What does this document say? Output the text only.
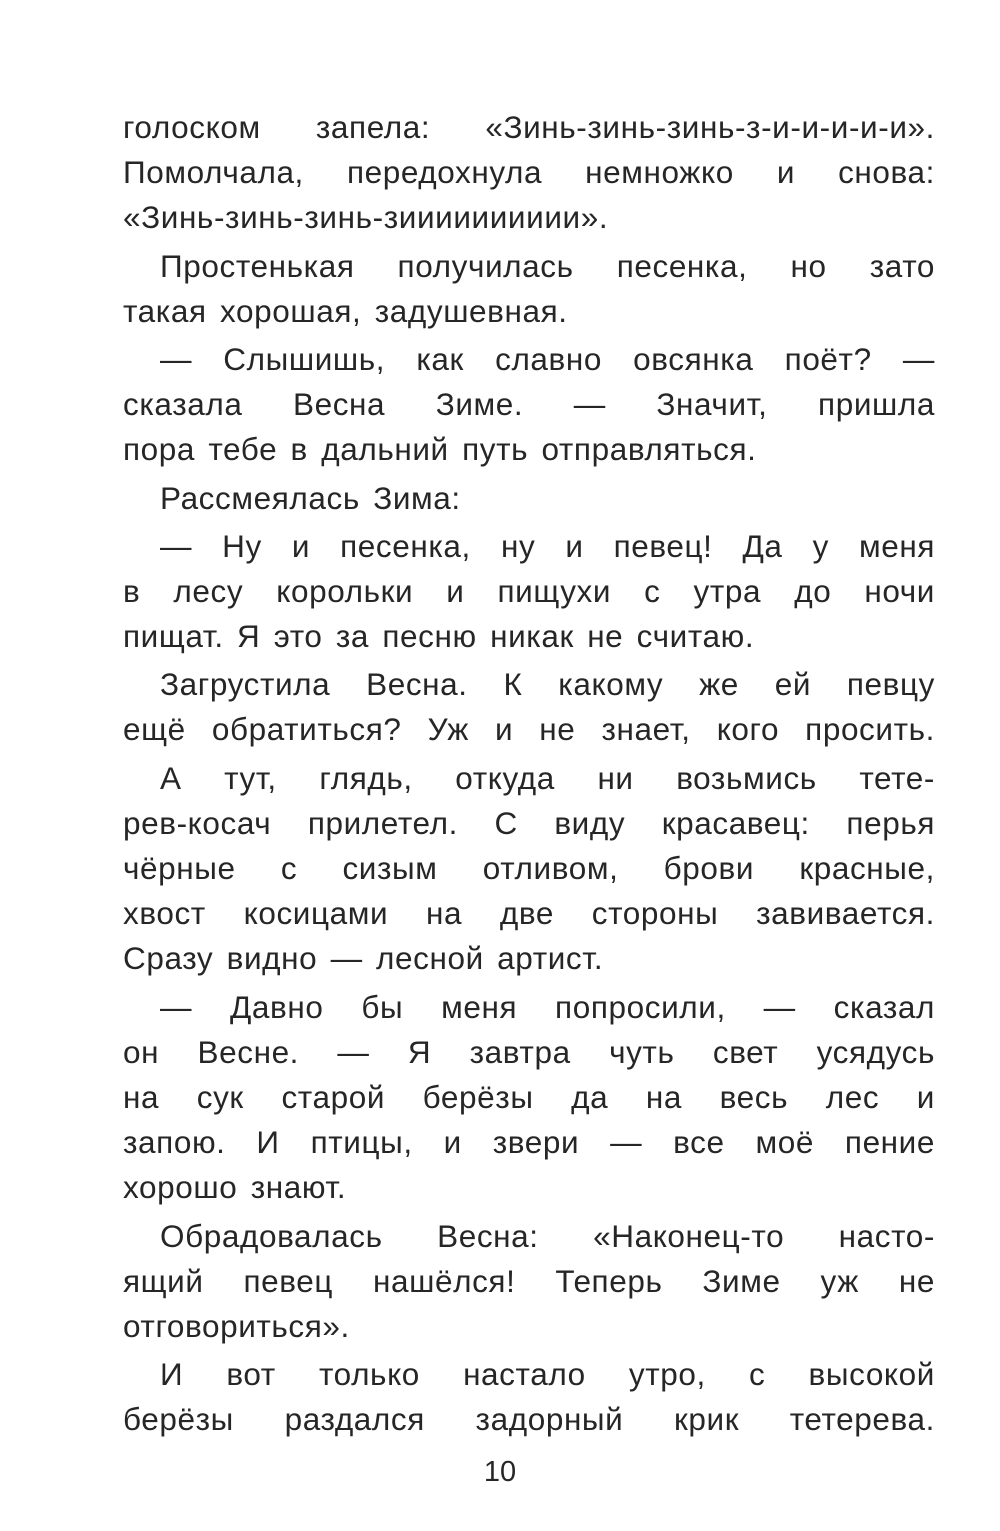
голоском запела: «Зинь-зинь-зинь-з-и-и-и-и-и».
Помолчала, передохнула немножко и снова:
«Зинь-зинь-зинь-зииииииииии».
Простенькая получилась песенка, но зато
такая хорошая, задушевная.
— Слышишь, как славно овсянка поёт? —
сказала Весна Зиме. — Значит, пришла
пора тебе в дальний путь отправляться.
Рассмеялась Зима:
— Ну и песенка, ну и певец! Да у меня
в лесу корольки и пищухи с утра до ночи
пищат. Я это за песню никак не считаю.
Загрустила Весна. К какому же ей певцу
ещё обратиться? Уж и не знает, кого просить.
А тут, глядь, откуда ни возьмись тете-
рев-косач прилетел. С виду красавец: перья
чёрные с сизым отливом, брови красные,
хвост косицами на две стороны завивается.
Сразу видно — лесной артист.
— Давно бы меня попросили, — сказал
он Весне. — Я завтра чуть свет усядусь
на сук старой берёзы да на весь лес и
запою. И птицы, и звери — все моё пение
хорошо знают.
Обрадовалась Весна: «Наконец-то насто-
ящий певец нашёлся! Теперь Зиме уж не
отговориться».
И вот только настало утро, с высокой
берёзы раздался задорный крик тетерева.
10
